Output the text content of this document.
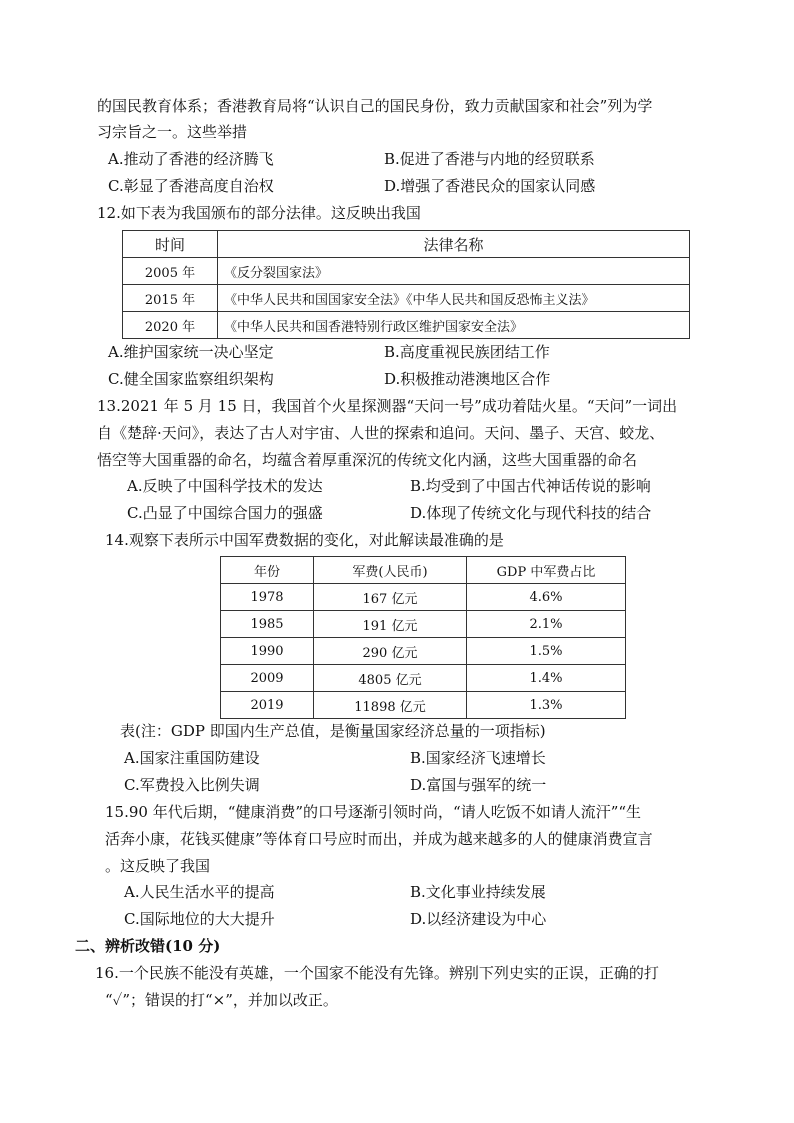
的国民教育体系；香港教育局将“认识自己的国民身份，致力贡献国家和社会”列为学
习宗旨之一。这些举措
A.推动了香港的经济腾飞	B.促进了香港与内地的经贸联系
C.彰显了香港高度自治权	D.增强了香港民众的国家认同感
12.如下表为我国颁布的部分法律。这反映出我国
时间	法律名称
2005 年	《反分裂国家法》
2015 年	《中华人民共和国国家安全法》《中华人民共和国反恐怖主义法》
2020 年	《中华人民共和国香港特别行政区维护国家安全法》
A.维护国家统一决心坚定	B.高度重视民族团结工作
C.健全国家监察组织架构	D.积极推动港澳地区合作
13.2021 年 5 月 15 日，我国首个火星探测器“天问一号”成功着陆火星。“天问”一词出
自《楚辞·天问》，表达了古人对宇宙、人世的探索和追问。天问、墨子、天宫、蛟龙、
悟空等大国重器的命名，均蕴含着厚重深沉的传统文化内涵，这些大国重器的命名
A.反映了中国科学技术的发达	B.均受到了中国古代神话传说的影响
C.凸显了中国综合国力的强盛	D.体现了传统文化与现代科技的结合
14.观察下表所示中国军费数据的变化，对此解读最准确的是
年份	军费(人民币)	GDP 中军费占比
1978	167 亿元	4.6%
1985	191 亿元	2.1%
1990	290 亿元	1.5%
2009	4805 亿元	1.4%
2019	11898 亿元	1.3%
表(注：GDP 即国内生产总值，是衡量国家经济总量的一项指标)
A.国家注重国防建设	B.国家经济飞速增长
C.军费投入比例失调	D.富国与强军的统一
15.90 年代后期，“健康消费”的口号逐渐引领时尚，“请人吃饭不如请人流汗”“生
活奔小康，花钱买健康”等体育口号应时而出，并成为越来越多的人的健康消费宣言
。这反映了我国
A.人民生活水平的提高	B.文化事业持续发展
C.国际地位的大大提升	D.以经济建设为中心
二、辨析改错(10 分)
16.一个民族不能没有英雄，一个国家不能没有先锋。辨别下列史实的正误，正确的打
“✓”；错误的打“×”，并加以改正。
